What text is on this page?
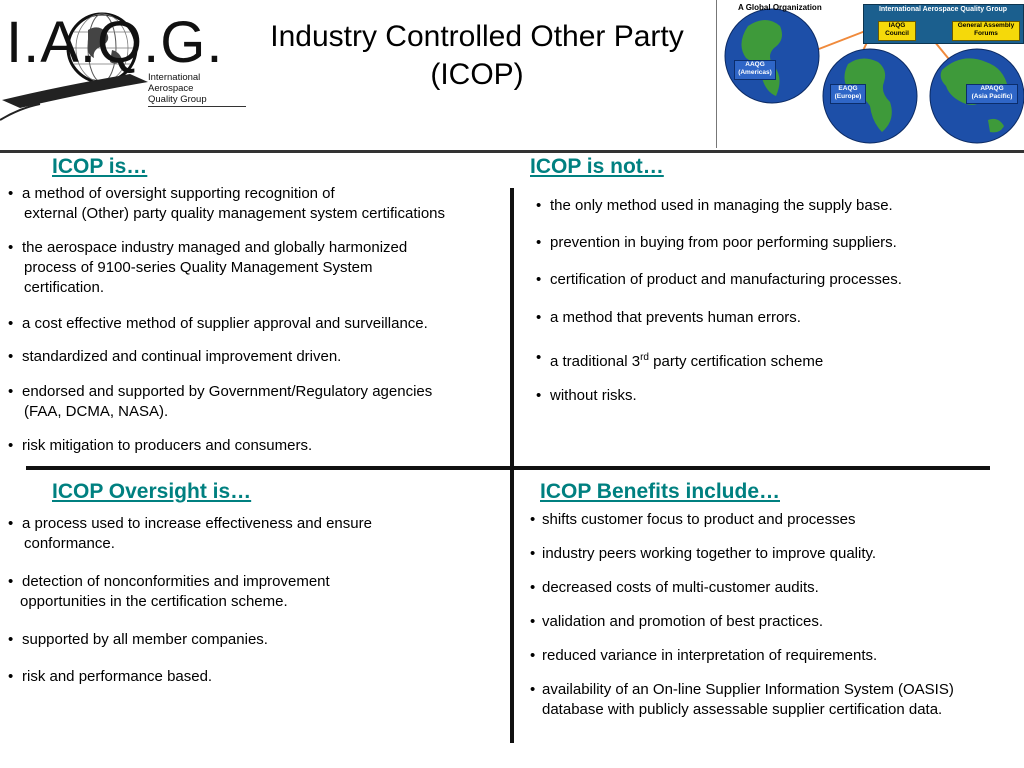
I.A.Q.G.
International Aerospace
Quality Group
Industry Controlled Other Party
(ICOP)
A Global Organization	International Aerospace Quality Group
IAQG
Council
General Assembly
Forums
AAQG
(Americas)
EAQG
(Europe)
APAQG
(Asia Pacific)
ICOP is…
• a method of oversight supporting recognition of
external (Other) party quality management system certifications
• the aerospace industry managed and globally harmonized
process of 9100-series Quality Management System
certification.
• a cost effective method of supplier approval and surveillance.
• standardized and continual improvement driven.
• endorsed and supported by Government/Regulatory agencies
(FAA, DCMA, NASA).
• risk mitigation to producers and consumers.
ICOP is not…
• the only method used in managing the supply base.
• prevention in buying from poor performing suppliers.
• certification of product and manufacturing processes.
• a method that prevents human errors.
• a traditional 3rd party certification scheme
• without risks.
ICOP Oversight is…
• a process used to increase effectiveness and ensure
conformance.
• detection of nonconformities and improvement
opportunities in the certification scheme.
• supported by all member companies.
• risk and performance based.
ICOP Benefits include…
• shifts customer focus to product and processes
• industry peers working together to improve quality.
• decreased costs of multi-customer audits.
• validation and promotion of best practices.
• reduced variance in interpretation of requirements.
• availability of an On-line Supplier Information System (OASIS)
database with publicly assessable supplier certification data.
